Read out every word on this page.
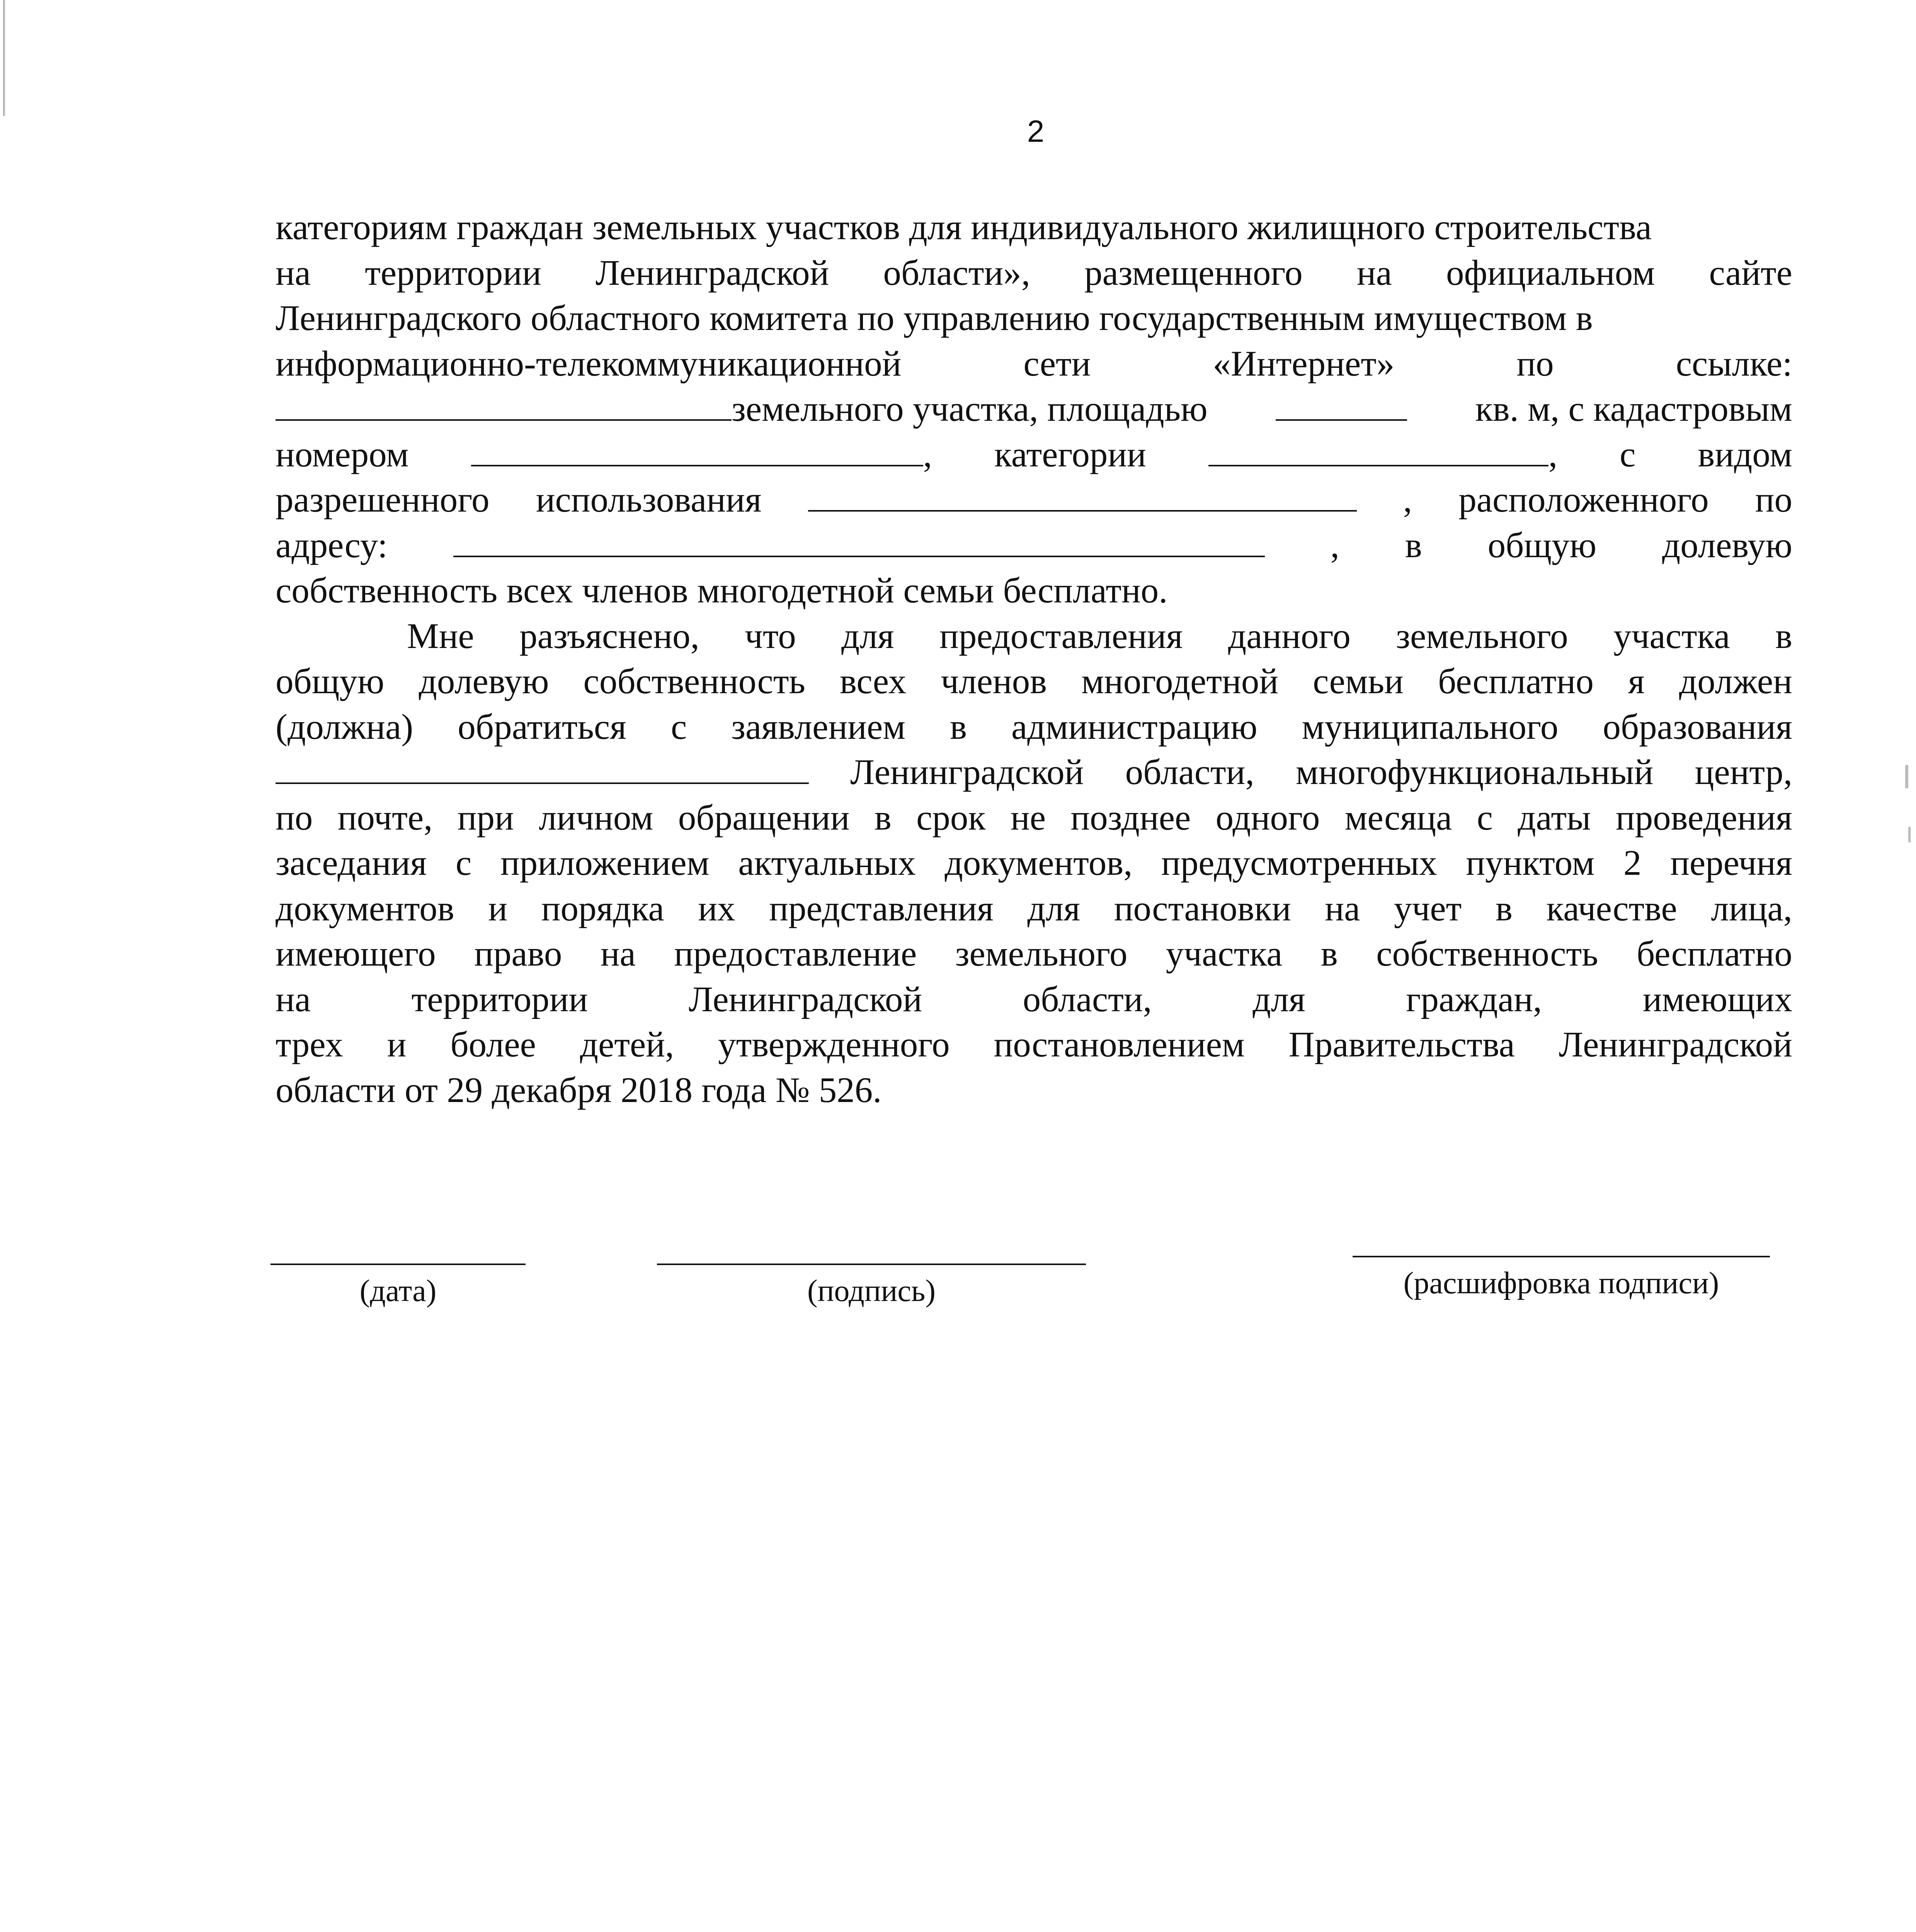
2
категориям граждан земельных участков для индивидуального жилищного строительства
на территории Ленинградской области», размещенного на официальном сайте
Ленинградского областного комитета по управлению государственным имуществом в
информационно-телекоммуникационной	сети	«Интернет»	по	ссылке:
земельного участка, площадью	кв. м, с кадастровым
номером	, категории	, с видом
разрешенного использования	, расположенного по
адресу:	, в общую долевую
собственность всех членов многодетной семьи бесплатно.
Мне разъяснено, что для предоставления данного земельного участка в
общую долевую собственность всех членов многодетной семьи бесплатно я должен
(должна) обратиться с заявлением в администрацию муниципального образования
Ленинградской области, многофункциональный центр,
по почте, при личном обращении в срок не позднее одного месяца с даты проведения
заседания с приложением актуальных документов, предусмотренных пунктом 2 перечня
документов и порядка их представления для постановки на учет в качестве лица,
имеющего право на предоставление земельного участка в собственность бесплатно
на	территории	Ленинградской	области,	для	граждан,	имеющих
трех и более детей, утвержденного постановлением Правительства Ленинградской
области от 29 декабря 2018 года № 526.
(дата)	(подпись)	(расшифровка подписи)
